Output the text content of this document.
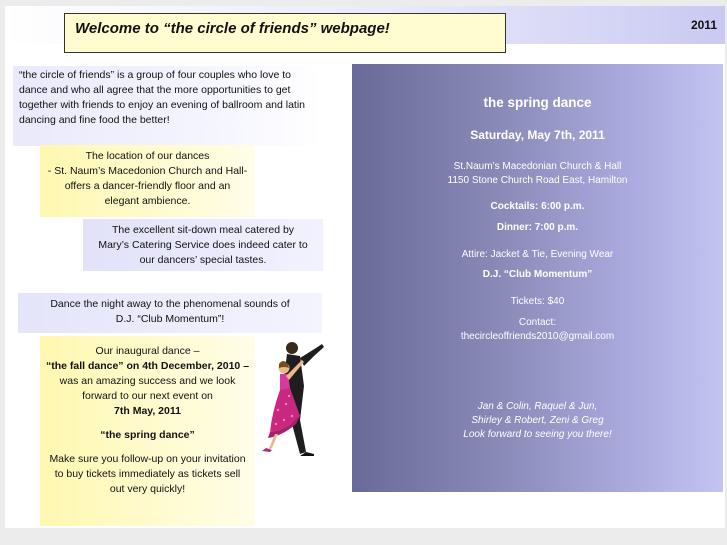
2011
Welcome to “the circle of friends” webpage!
“the circle of friends” is a group of four couples who love to dance and who all agree that the more opportunities to get together with friends to enjoy an evening of ballroom and latin dancing and fine food the better!
The location of our dances
- St. Naum’s Macedonion Church and Hall-
offers a dancer-friendly floor and an
elegant ambience.
The excellent sit-down meal catered by
Mary’s Catering Service does indeed cater to
our dancers’ special tastes.
Dance the night away to the phenomenal sounds of
D.J. “Club Momentum”!

Our inaugural dance –

“the fall dance” on 4th December, 2010 –

was an amazing success and we look

forward to our next event on

7th May, 2011

“the spring dance”

Make sure you follow-up on your invitation

to buy tickets immediately as tickets sell

out very quickly!

the spring dance
Saturday, May 7th, 2011
St.Naum’s Macedonian Church & Hall
1150 Stone Church Road East, Hamilton
Cocktails: 6:00 p.m.
Dinner: 7:00 p.m.
Attire: Jacket & Tie, Evening Wear
D.J. “Club Momentum”
Tickets: $40
Contact:
thecircleoffriends2010@gmail.com
Jan & Colin, Raquel & Jun,
Shirley & Robert, Zeni & Greg
Look forward to seeing you there!
